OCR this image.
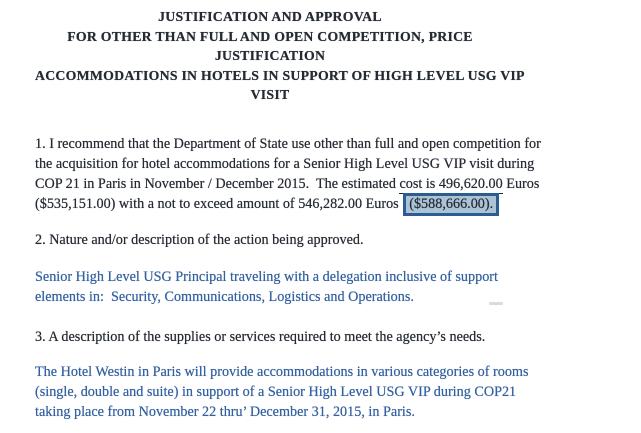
JUSTIFICATION AND APPROVAL
FOR OTHER THAN FULL AND OPEN COMPETITION, PRICE
JUSTIFICATION
ACCOMMODATIONS IN HOTELS IN SUPPORT OF HIGH LEVEL USG VIP
VISIT
1. I recommend that the Department of State use other than full and open competition for
the acquisition for hotel accommodations for a Senior High Level USG VIP visit during
COP 21 in Paris in November / December 2015.  The estimated cost is 496,620.00 Euros
($535,151.00) with a not to exceed amount of 546,282.00 Euros ($588,666.00).
2. Nature and/or description of the action being approved.
Senior High Level USG Principal traveling with a delegation inclusive of support
elements in:  Security, Communications, Logistics and Operations.
3. A description of the supplies or services required to meet the agency’s needs.
The Hotel Westin in Paris will provide accommodations in various categories of rooms
(single, double and suite) in support of a Senior High Level USG VIP during COP21
taking place from November 22 thru’ December 31, 2015, in Paris.
